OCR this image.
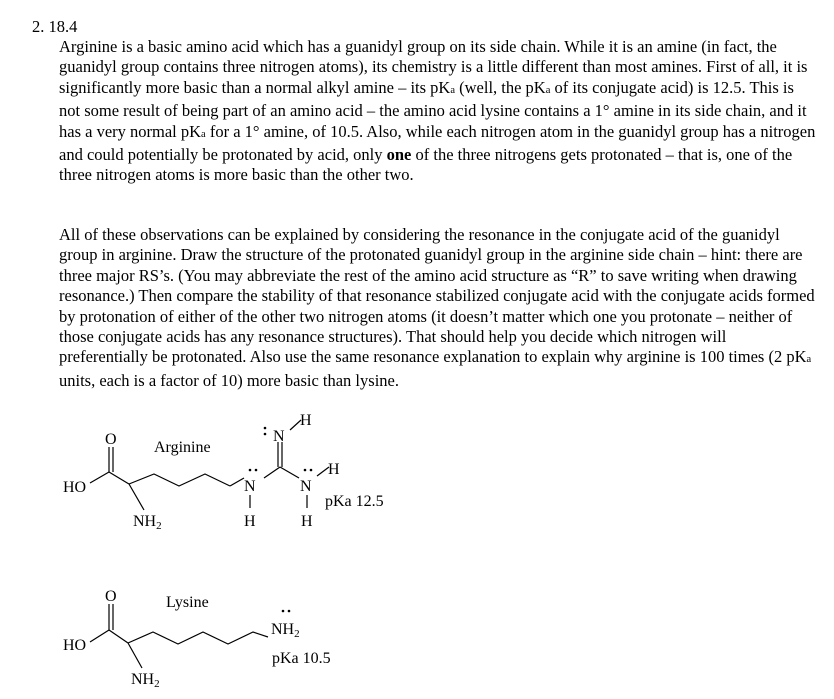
2. 18.4
Arginine is a basic amino acid which has a guanidyl group on its side chain. While it is an amine (in fact, the guanidyl group contains three nitrogen atoms), its chemistry is a little different than most amines. First of all, it is significantly more basic than a normal alkyl amine – its pKa (well, the pKa of its conjugate acid) is 12.5. This is not some result of being part of an amino acid – the amino acid lysine contains a 1° amine in its side chain, and it has a very normal pKa for a 1° amine, of 10.5. Also, while each nitrogen atom in the guanidyl group has a nitrogen and could potentially be protonated by acid, only one of the three nitrogens gets protonated – that is, one of the three nitrogen atoms is more basic than the other two.
All of these observations can be explained by considering the resonance in the conjugate acid of the guanidyl group in arginine. Draw the structure of the protonated guanidyl group in the arginine side chain – hint: there are three major RS’s. (You may abbreviate the rest of the amino acid structure as “R” to save writing when drawing resonance.) Then compare the stability of that resonance stabilized conjugate acid with the conjugate acids formed by protonation of either of the other two nitrogen atoms (it doesn’t matter which one you protonate – neither of those conjugate acids has any resonance structures). That should help you decide which nitrogen will preferentially be protonated. Also use the same resonance explanation to explain why arginine is 100 times (2 pKa units, each is a factor of 10) more basic than lysine.
O
HO
NH2
Arginine
N
H
N
H
N
H
H
pKa 12.5
O
HO
NH2
Lysine
NH2
pKa 10.5
